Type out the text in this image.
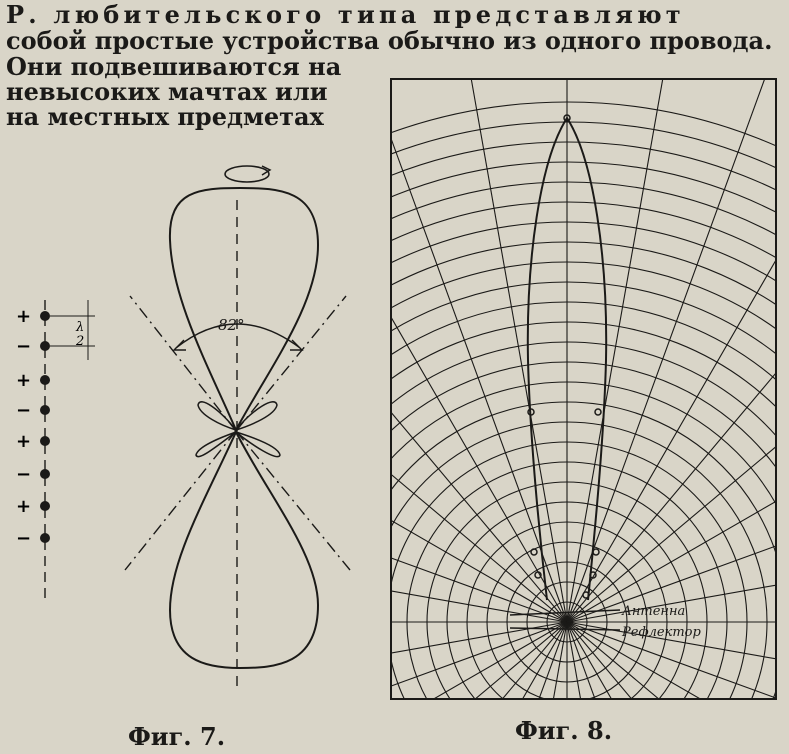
Р. любительского типа представляют
собой простые устройства обычно из одного провода.
Они подвешиваются на
невысоких мачтах или
на местных предметах
+
−
+
−
+
−
+
−
λ
2
82°
Антенна
Рефлектор
Фиг. 7.	Фиг. 8.
